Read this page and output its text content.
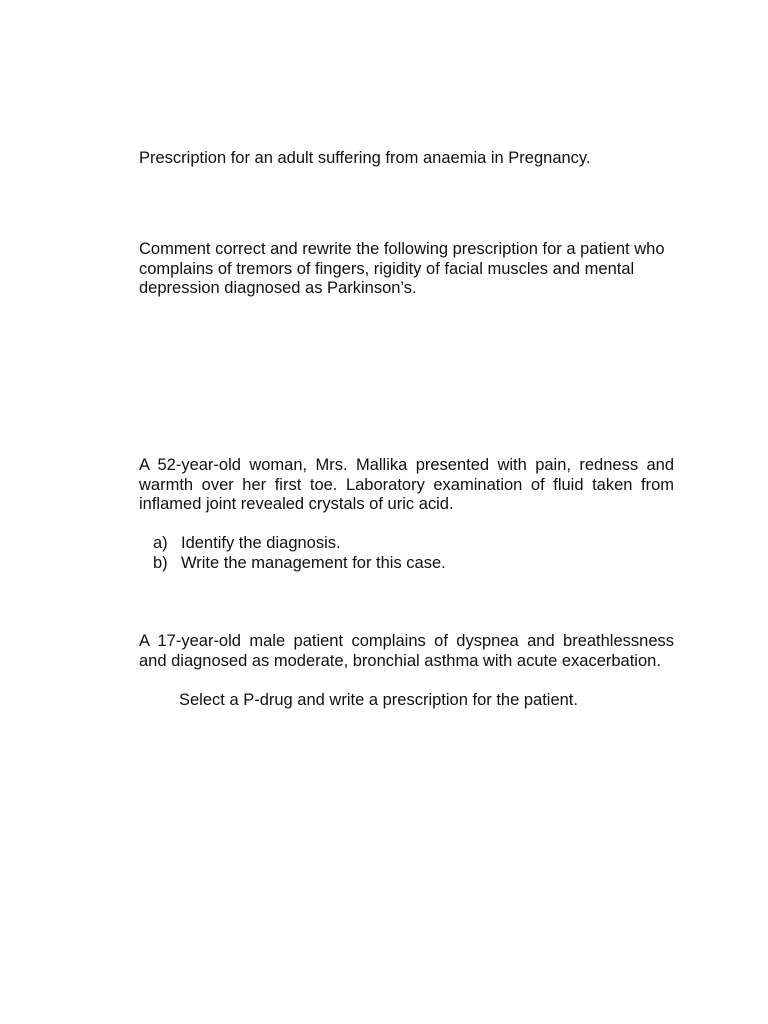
Prescription for an adult suffering from anaemia in Pregnancy.

Comment correct and rewrite the following prescription for a patient who complains of tremors of fingers, rigidity of facial muscles and mental depression diagnosed as Parkinson’s.

A 52-year-old woman, Mrs. Mallika presented with pain, redness and warmth over her first toe. Laboratory examination of fluid taken from inflamed joint revealed crystals of uric acid.

a) Identify the diagnosis.
b) Write the management for this case.

A 17-year-old male patient complains of dyspnea and breathlessness and diagnosed as moderate, bronchial asthma with acute exacerbation.

Select a P-drug and write a prescription for the patient.
